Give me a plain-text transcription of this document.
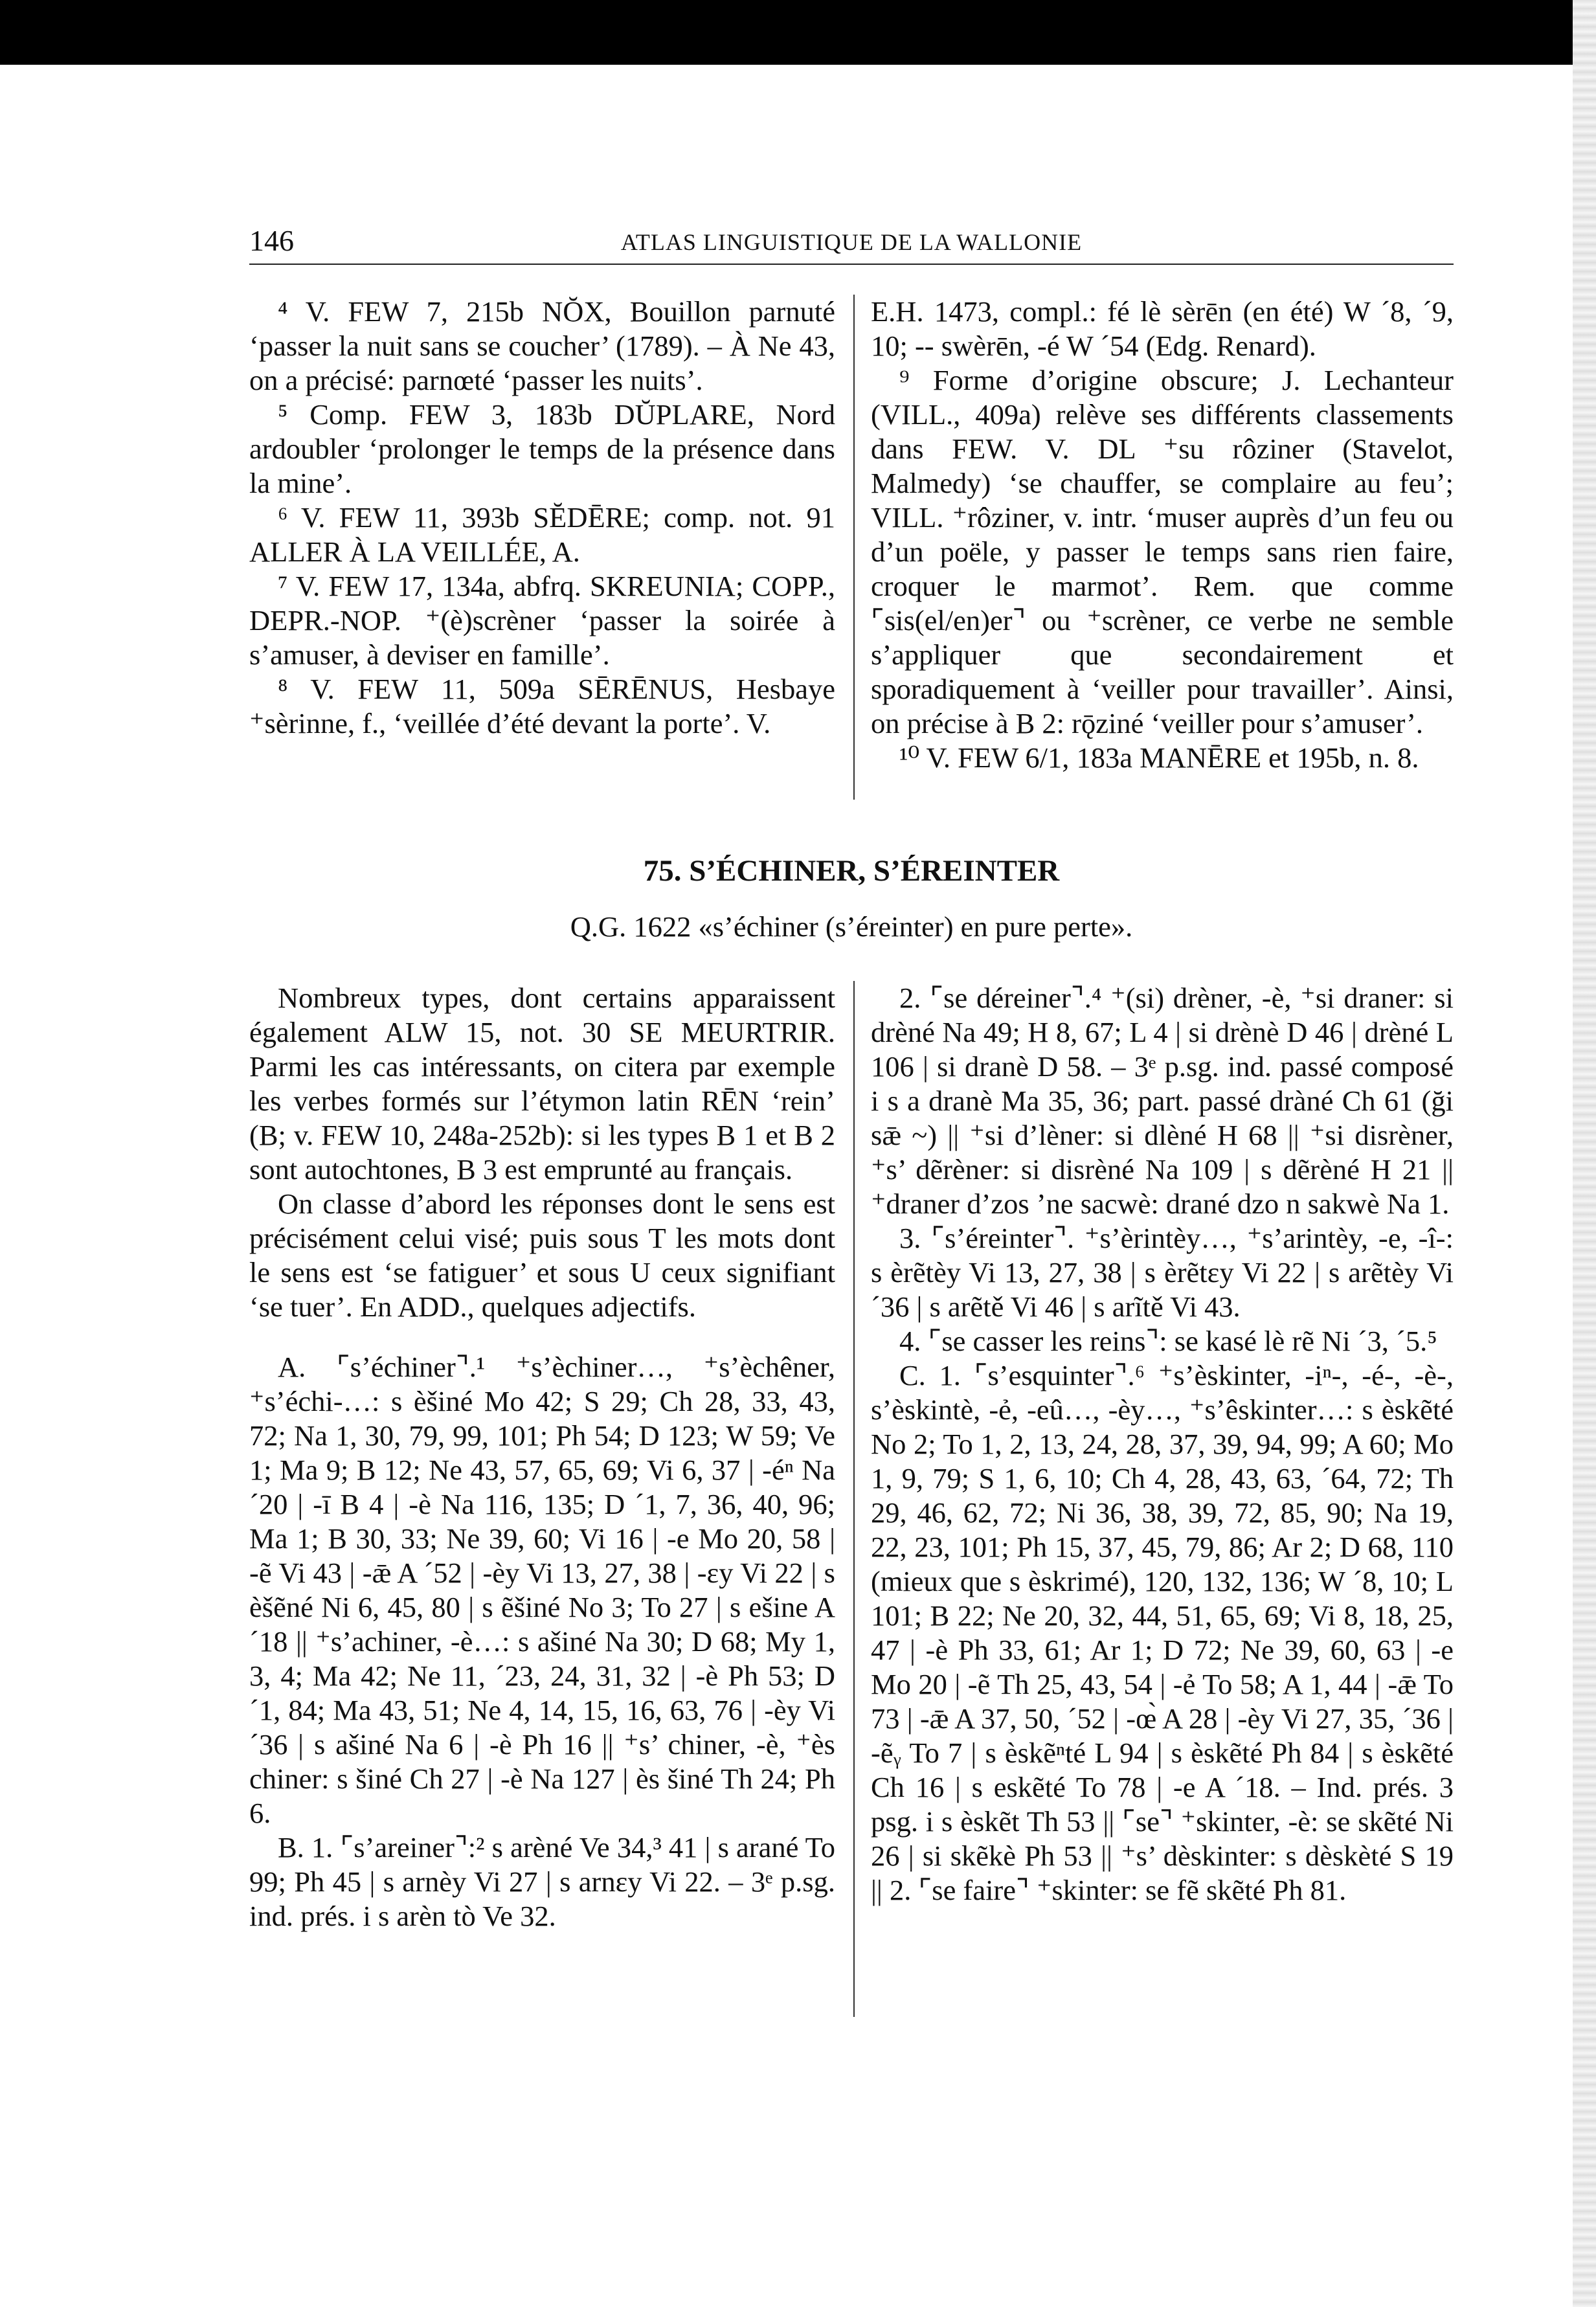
146	ATLAS LINGUISTIQUE DE LA WALLONIE

⁴ V. FEW 7, 215b NŎX, Bouillon parnuté ‘passer la nuit sans se coucher’ (1789). – À Ne 43, on a précisé: parnœté ‘passer les nuits’.

⁵ Comp. FEW 3, 183b DŬPLARE, Nord ardoubler ‘prolonger le temps de la présence dans la mine’.

⁶ V. FEW 11, 393b SĔDĒRE; comp. not. 91 ALLER À LA VEILLÉE, A.

⁷ V. FEW 17, 134a, abfrq. SKREUNIA; COPP., DEPR.-NOP. ⁺(è)scrèner ‘passer la soirée à s’amuser, à deviser en famille’.

⁸ V. FEW 11, 509a SĒRĒNUS, Hesbaye ⁺sèrinne, f., ‘veillée d’été devant la porte’. V.

E.H. 1473, compl.: fé lè sèrēn (en été) W ´8, ´9, 10; -- swèrēn, -é W ´54 (Edg. Renard).

⁹ Forme d’origine obscure; J. Lechanteur (VILL., 409a) relève ses différents classements dans FEW. V. DL ⁺su rôziner (Stavelot, Malmedy) ‘se chauffer, se complaire au feu’; VILL. ⁺rôziner, v. intr. ‘muser auprès d’un feu ou d’un poële, y passer le temps sans rien faire, croquer le marmot’. Rem. que comme ⌜sis(el/en)er⌝ ou ⁺scrèner, ce verbe ne semble s’appliquer que secondairement et sporadiquement à ‘veiller pour travailler’. Ainsi, on précise à B 2: rǭziné ‘veiller pour s’amuser’.

¹⁰ V. FEW 6/1, 183a MANĒRE et 195b, n. 8.

75. S’ÉCHINER, S’ÉREINTER
Q.G. 1622 «s’échiner (s’éreinter) en pure perte».

Nombreux types, dont certains apparaissent également ALW 15, not. 30 SE MEURTRIR. Parmi les cas intéressants, on citera par exemple les verbes formés sur l’étymon latin RĒN ‘rein’ (B; v. FEW 10, 248a-252b): si les types B 1 et B 2 sont autochtones, B 3 est emprunté au français.

On classe d’abord les réponses dont le sens est précisément celui visé; puis sous T les mots dont le sens est ‘se fatiguer’ et sous U ceux signifiant ‘se tuer’. En ADD., quelques adjectifs.

A. ⌜s’échiner⌝.¹ ⁺s’èchiner…, ⁺s’èchêner, ⁺s’échi-…: s èšiné Mo 42; S 29; Ch 28, 33, 43, 72; Na 1, 30, 79, 99, 101; Ph 54; D 123; W 59; Ve 1; Ma 9; B 12; Ne 43, 57, 65, 69; Vi 6, 37 | -éⁿ Na ´20 | -ī B 4 | -è Na 116, 135; D ´1, 7, 36, 40, 96; Ma 1; B 30, 33; Ne 39, 60; Vi 16 | -e Mo 20, 58 | -ẽ Vi 43 | -ǣ A ´52 | -èy Vi 13, 27, 38 | -ɛy Vi 22 | s èšẽné Ni 6, 45, 80 | s ẽšiné No 3; To 27 | s ešine A ´18 || ⁺s’achiner, -è…: s ašiné Na 30; D 68; My 1, 3, 4; Ma 42; Ne 11, ´23, 24, 31, 32 | -è Ph 53; D ´1, 84; Ma 43, 51; Ne 4, 14, 15, 16, 63, 76 | -èy Vi ´36 | s ašiné Na 6 | -è Ph 16 || ⁺s’ chiner, -è, ⁺ès chiner: s šiné Ch 27 | -è Na 127 | ès šiné Th 24; Ph 6.

B. 1. ⌜s’areiner⌝:² s arèné Ve 34,³ 41 | s arané To 99; Ph 45 | s arnèy Vi 27 | s arnɛy Vi 22. – 3ᵉ p.sg. ind. prés. i s arèn tò Ve 32.

2. ⌜se déreiner⌝.⁴ ⁺(si) drèner, -è, ⁺si draner: si drèné Na 49; H 8, 67; L 4 | si drènè D 46 | drèné L 106 | si dranè D 58. – 3ᵉ p.sg. ind. passé composé i s a dranè Ma 35, 36; part. passé dràné Ch 61 (ği sǣ ~) || ⁺si d’lèner: si dlèné H 68 || ⁺si disrèner, ⁺s’ dẽrèner: si disrèné Na 109 | s dẽrèné H 21 || ⁺draner d’zos ’ne sacwè: drané dzo n sakwè Na 1.

3. ⌜s’éreinter⌝. ⁺s’èrintèy…, ⁺s’arintèy, -e, -î-: s èrẽtèy Vi 13, 27, 38 | s èrẽtɛy Vi 22 | s arẽtèy Vi ´36 | s arẽtě Vi 46 | s arĩtě Vi 43.

4. ⌜se casser les reins⌝: se kasé lè rẽ Ni ´3, ´5.⁵

C. 1. ⌜s’esquinter⌝.⁶ ⁺s’èskinter, -iⁿ-, -é-, -è-, s’èskintè, -ẻ, -eû…, -èy…, ⁺s’êskinter…: s èskẽté No 2; To 1, 2, 13, 24, 28, 37, 39, 94, 99; A 60; Mo 1, 9, 79; S 1, 6, 10; Ch 4, 28, 43, 63, ´64, 72; Th 29, 46, 62, 72; Ni 36, 38, 39, 72, 85, 90; Na 19, 22, 23, 101; Ph 15, 37, 45, 79, 86; Ar 2; D 68, 110 (mieux que s èskrimé), 120, 132, 136; W ´8, 10; L 101; B 22; Ne 20, 32, 44, 51, 65, 69; Vi 8, 18, 25, 47 | -è Ph 33, 61; Ar 1; D 72; Ne 39, 60, 63 | -e Mo 20 | -ẽ Th 25, 43, 54 | -ẻ To 58; A 1, 44 | -ǣ To 73 | -ǣ A 37, 50, ´52 | -œ̀ A 28 | -èy Vi 27, 35, ´36 | -ẽᵧ To 7 | s èskẽⁿté L 94 | s èskẽté Ph 84 | s èskẽté Ch 16 | s eskẽté To 78 | -e A ´18. – Ind. prés. 3 psg. i s èskẽt Th 53 || ⌜se⌝ ⁺skinter, -è: se skẽté Ni 26 | si skẽkè Ph 53 || ⁺s’ dèskinter: s dèskèté S 19 || 2. ⌜se faire⌝ ⁺skinter: se fẽ skẽté Ph 81.
